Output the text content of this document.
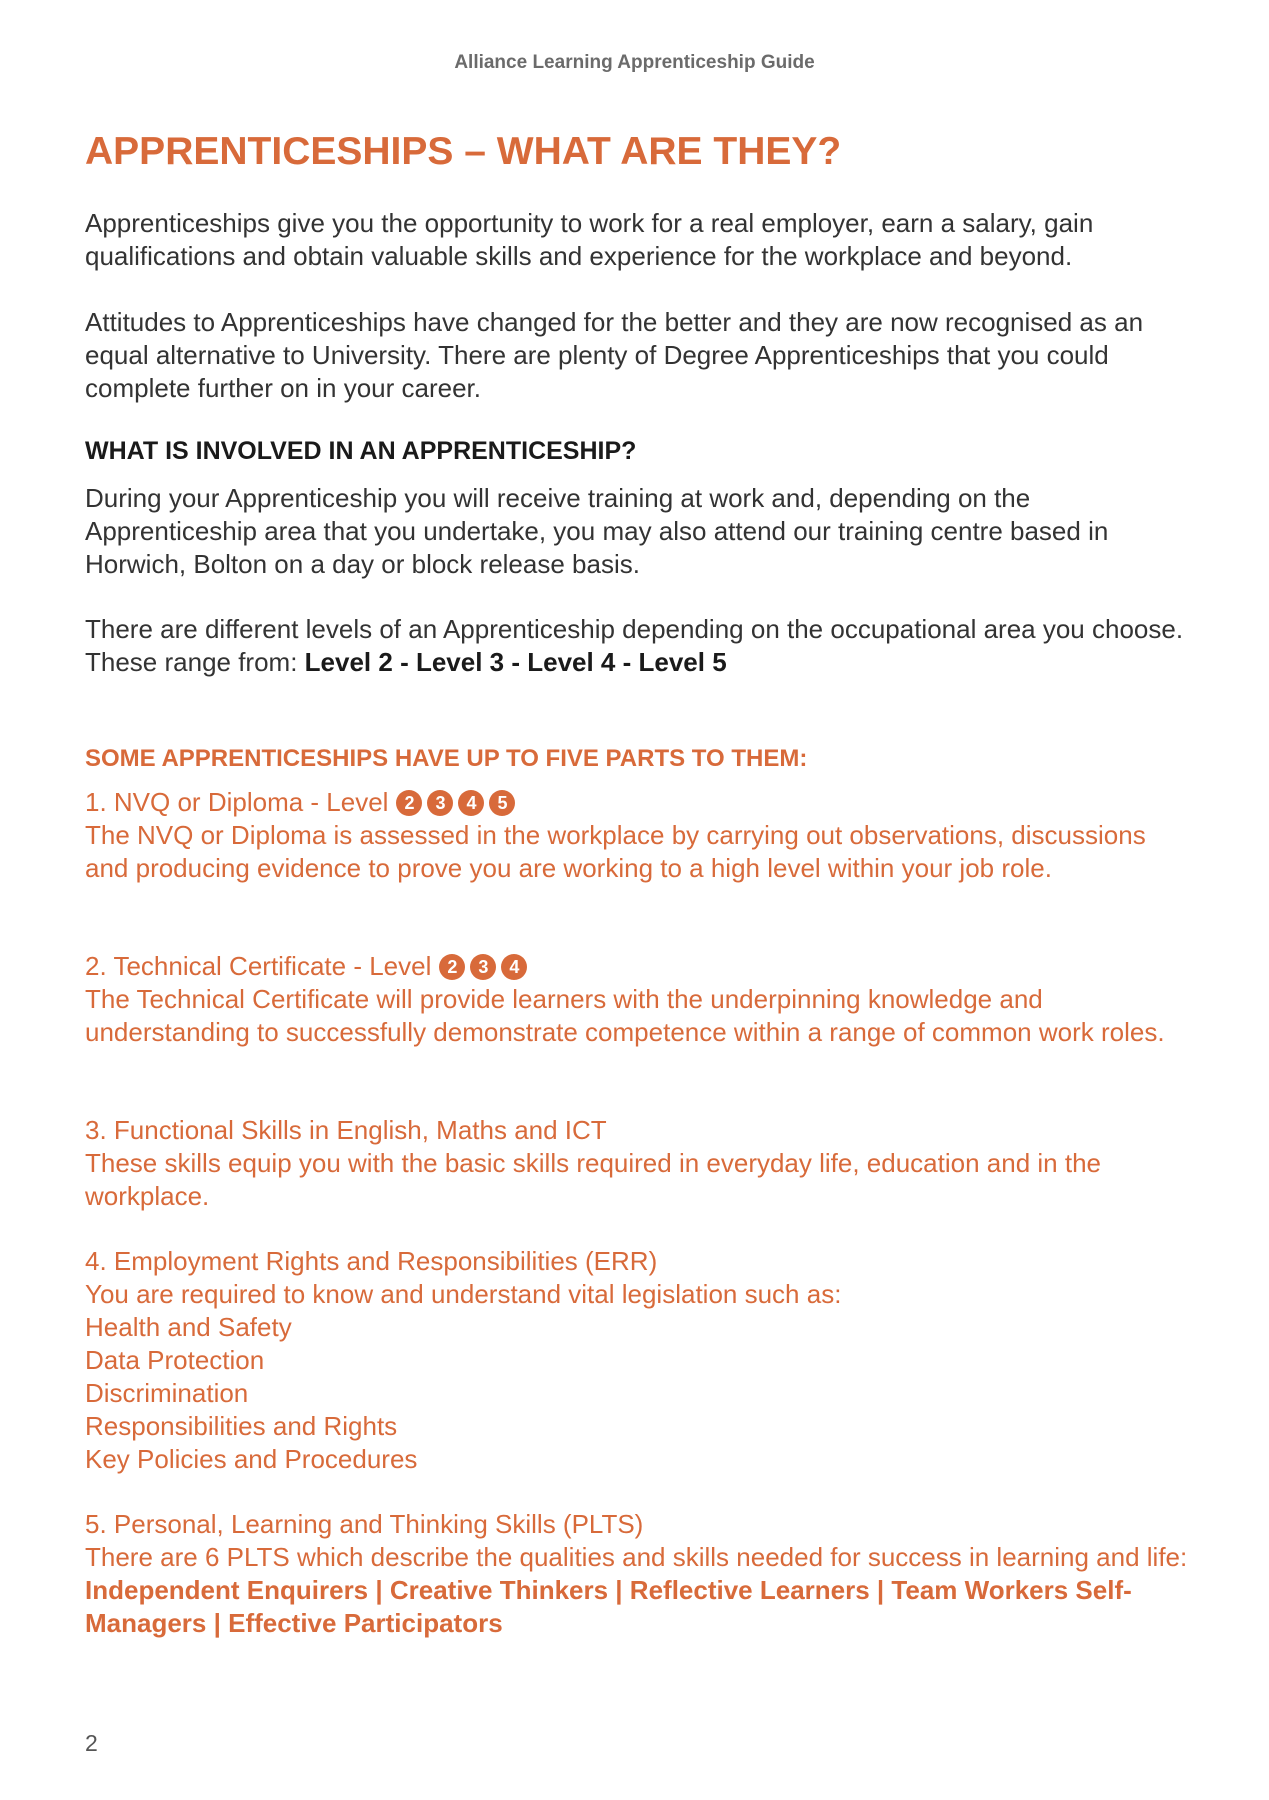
Alliance Learning Apprenticeship Guide
APPRENTICESHIPS – WHAT ARE THEY?

Apprenticeships give you the opportunity to work for a real employer, earn a salary, gain qualifications and obtain valuable skills and experience for the workplace and beyond.

Attitudes to Apprenticeships have changed for the better and they are now recognised as an equal alternative to University. There are plenty of Degree Apprenticeships that you could complete further on in your career.

WHAT IS INVOLVED IN AN APPRENTICESHIP?

During your Apprenticeship you will receive training at work and, depending on the Apprenticeship area that you undertake, you may also attend our training centre based in Horwich, Bolton on a day or block release basis.

There are different levels of an Apprenticeship depending on the occupational area you choose. These range from: Level 2 - Level 3 - Level 4 - Level 5

SOME APPRENTICESHIPS HAVE UP TO FIVE PARTS TO THEM:

1. NVQ or Diploma - Level 2 3 4 5

The NVQ or Diploma is assessed in the workplace by carrying out observations, discussions and producing evidence to prove you are working to a high level within your job role.

2. Technical Certificate - Level 2 3 4

The Technical Certificate will provide learners with the underpinning knowledge and understanding to successfully demonstrate competence within a range of common work roles.

3. Functional Skills in English, Maths and ICT

These skills equip you with the basic skills required in everyday life, education and in the workplace.

4. Employment Rights and Responsibilities (ERR)

You are required to know and understand vital legislation such as:

Health and Safety

Data Protection

Discrimination

Responsibilities and Rights

Key Policies and Procedures

5. Personal, Learning and Thinking Skills (PLTS)

There are 6 PLTS which describe the qualities and skills needed for success in learning and life: Independent Enquirers | Creative Thinkers | Reflective Learners | Team Workers Self-Managers | Effective Participators

2
